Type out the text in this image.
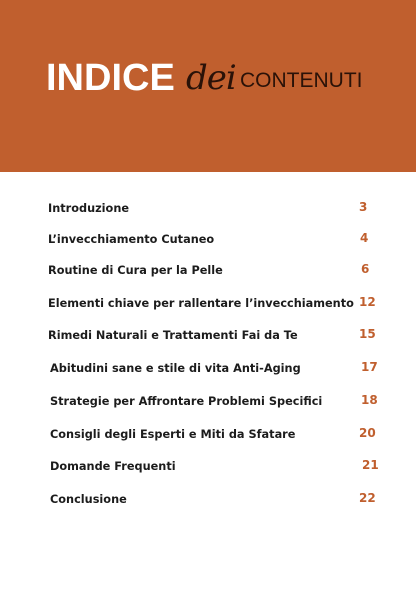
INDICE dei CONTENUTI
Introduzione	3
L’invecchiamento Cutaneo	4
Routine di Cura per la Pelle	6
Elementi chiave per rallentare l’invecchiamento 12
Rimedi Naturali e Trattamenti Fai da Te	15
Abitudini sane e stile di vita Anti-Aging	17
Strategie per Affrontare Problemi Specifici	18
Consigli degli Esperti e Miti da Sfatare	20
Domande Frequenti	21
Conclusione	22
